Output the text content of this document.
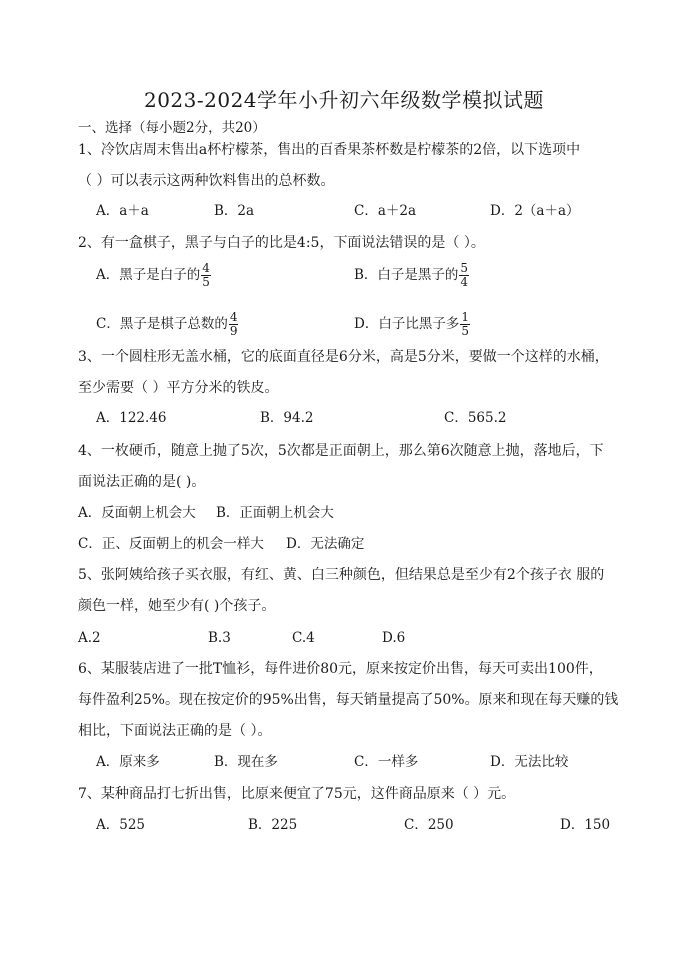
2023-2024学年小升初六年级数学模拟试题
一、选择（每小题2分，共20）
1、冷饮店周末售出a杯柠檬茶，售出的百香果茶杯数是柠檬茶的2倍，以下选项中
（ ）可以表示这两种饮料售出的总杯数。
A．a＋a	B．2a	C．a＋2a	D．2（a＋a）
2、有一盒棋子，黑子与白子的比是4:5，下面说法错误的是（ ）。
A．黑子是白子的 $\frac{4}{5}$	B．白子是黑子的 $\frac{5}{4}$
C．黑子是棋子总数的 $\frac{4}{9}$	D．白子比黑子多 $\frac{1}{5}$
3、一个圆柱形无盖水桶，它的底面直径是6分米，高是5分米，要做一个这样的水桶，
至少需要（ ）平方分米的铁皮。
A．122.46	B．94.2	C．565.2
4、一枚硬币，随意上抛了5次，5次都是正面朝上，那么第6次随意上抛，落地后，下
面说法正确的是( )。
A．反面朝上机会大 B．正面朝上机会大
C．正、反面朝上的机会一样大 D．无法确定
5、张阿姨给孩子买衣服，有红、黄、白三种颜色，但结果总是至少有2个孩子衣 服的
颜色一样，她至少有( )个孩子。
A.2	B.3	C.4	D.6
6、某服装店进了一批T恤衫，每件进价80元，原来按定价出售，每天可卖出100件，
每件盈利25%。现在按定价的95%出售，每天销量提高了50%。原来和现在每天赚的钱
相比，下面说法正确的是（ ）。
A．原来多	B．现在多	C．一样多	D．无法比较
7、某种商品打七折出售，比原来便宜了75元，这件商品原来（ ）元。
A．525	B．225	C．250	D．150
